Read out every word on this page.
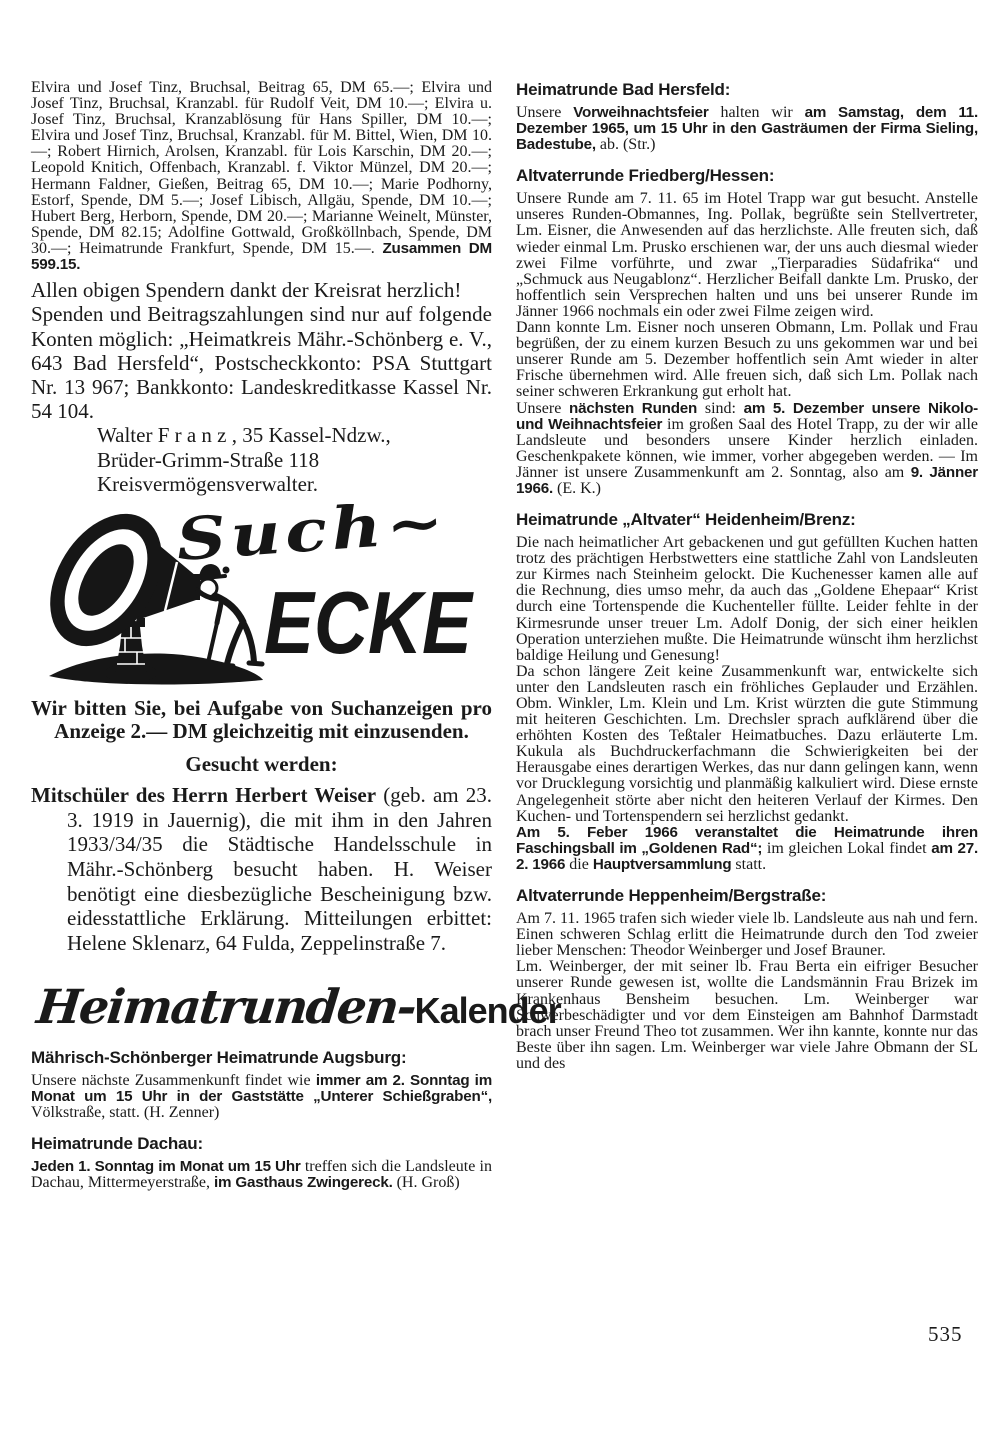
Elvira und Josef Tinz, Bruchsal, Beitrag 65, DM 65.—; Elvira und Josef Tinz, Bruchsal, Kranzabl. für Rudolf Veit, DM 10.—; Elvira u. Josef Tinz, Bruchsal, Kranzablösung für Hans Spiller, DM 10.—; Elvira und Josef Tinz, Bruchsal, Kranzabl. für M. Bittel, Wien, DM 10.—; Robert Hirnich, Arolsen, Kranzabl. für Lois Karschin, DM 20.—; Leopold Knitich, Offenbach, Kranzabl. f. Viktor Münzel, DM 20.—; Hermann Faldner, Gießen, Beitrag 65, DM 10.—; Marie Podhorny, Estorf, Spende, DM 5.—; Josef Libisch, Allgäu, Spende, DM 10.—; Hubert Berg, Herborn, Spende, DM 20.—; Marianne Weinelt, Münster, Spende, DM 82.15; Adolfine Gottwald, Großköllnbach, Spende, DM 30.—; Heimatrunde Frankfurt, Spende, DM 15.—. Zusammen DM 599.15.
Allen obigen Spendern dankt der Kreisrat herzlich!
Spenden und Beitragszahlungen sind nur auf folgende Konten möglich: „Heimatkreis Mähr.-Schönberg e. V., 643 Bad Hersfeld“, Postscheckkonto: PSA Stuttgart Nr. 13 967; Bankkonto: Landeskreditkasse Kassel Nr. 54 104.
Walter F r a n z , 35 Kassel-Ndzw.,
Brüder-Grimm-Straße 118
Kreisvermögensverwalter.
Such~
ECKE
Wir bitten Sie, bei Aufgabe von Suchanzeigen pro Anzeige 2.— DM gleichzeitig mit einzusenden.
Gesucht werden:
Mitschüler des Herrn Herbert Weiser (geb. am 23. 3. 1919 in Jauernig), die mit ihm in den Jahren 1933/34/35 die Städtische Handelsschule in Mähr.-Schönberg besucht haben. H. Weiser benötigt eine diesbezügliche Bescheinigung bzw. eidesstattliche Erklärung. Mitteilungen erbittet: Helene Sklenarz, 64 Fulda, Zeppelinstraße 7.
Heimatrunden-Kalender
Mährisch-Schönberger Heimatrunde Augsburg:
Unsere nächste Zusammenkunft findet wie immer am 2. Sonntag im Monat um 15 Uhr in der Gaststätte „Unterer Schießgraben“, Völkstraße, statt. (H. Zenner)
Heimatrunde Dachau:
Jeden 1. Sonntag im Monat um 15 Uhr treffen sich die Landsleute in Dachau, Mittermeyerstraße, im Gasthaus Zwingereck. (H. Groß)
Heimatrunde Bad Hersfeld:
Unsere Vorweihnachtsfeier halten wir am Samstag, dem 11. Dezember 1965, um 15 Uhr in den Gasträumen der Firma Sieling, Badestube, ab. (Str.)
Altvaterrunde Friedberg/Hessen:
Unsere Runde am 7. 11. 65 im Hotel Trapp war gut besucht. Anstelle unseres Runden-Obmannes, Ing. Pollak, begrüßte sein Stellvertreter, Lm. Eisner, die Anwesenden auf das herzlichste. Alle freuten sich, daß wieder einmal Lm. Prusko erschienen war, der uns auch diesmal wieder zwei Filme vorführte, und zwar „Tierparadies Südafrika“ und „Schmuck aus Neugablonz“. Herzlicher Beifall dankte Lm. Prusko, der hoffentlich sein Versprechen halten und uns bei unserer Runde im Jänner 1966 nochmals ein oder zwei Filme zeigen wird.
Dann konnte Lm. Eisner noch unseren Obmann, Lm. Pollak und Frau begrüßen, der zu einem kurzen Besuch zu uns gekommen war und bei unserer Runde am 5. Dezember hoffentlich sein Amt wieder in alter Frische übernehmen wird. Alle freuen sich, daß sich Lm. Pollak nach seiner schweren Erkrankung gut erholt hat.
Unsere nächsten Runden sind: am 5. Dezember unsere Nikolo- und Weihnachtsfeier im großen Saal des Hotel Trapp, zu der wir alle Landsleute und besonders unsere Kinder herzlich einladen. Geschenkpakete können, wie immer, vorher abgegeben werden. — Im Jänner ist unsere Zusammenkunft am 2. Sonntag, also am 9. Jänner 1966. (E. K.)
Heimatrunde „Altvater“ Heidenheim/Brenz:
Die nach heimatlicher Art gebackenen und gut gefüllten Kuchen hatten trotz des prächtigen Herbstwetters eine stattliche Zahl von Landsleuten zur Kirmes nach Steinheim gelockt. Die Kuchenesser kamen alle auf die Rechnung, dies umso mehr, da auch das „Goldene Ehepaar“ Krist durch eine Tortenspende die Kuchenteller füllte. Leider fehlte in der Kirmesrunde unser treuer Lm. Adolf Donig, der sich einer heiklen Operation unterziehen mußte. Die Heimatrunde wünscht ihm herzlichst baldige Heilung und Genesung!
Da schon längere Zeit keine Zusammenkunft war, entwickelte sich unter den Landsleuten rasch ein fröhliches Geplauder und Erzählen. Obm. Winkler, Lm. Klein und Lm. Krist würzten die gute Stimmung mit heiteren Geschichten. Lm. Drechsler sprach aufklärend über die erhöhten Kosten des Teßtaler Heimatbuches. Dazu erläuterte Lm. Kukula als Buchdruckerfachmann die Schwierigkeiten bei der Herausgabe eines derartigen Werkes, das nur dann gelingen kann, wenn vor Drucklegung vorsichtig und planmäßig kalkuliert wird. Diese ernste Angelegenheit störte aber nicht den heiteren Verlauf der Kirmes. Den Kuchen- und Tortenspendern sei herzlichst gedankt.
Am 5. Feber 1966 veranstaltet die Heimatrunde ihren Faschingsball im „Goldenen Rad“; im gleichen Lokal findet am 27. 2. 1966 die Hauptversammlung statt.
Altvaterrunde Heppenheim/Bergstraße:
Am 7. 11. 1965 trafen sich wieder viele lb. Landsleute aus nah und fern. Einen schweren Schlag erlitt die Heimatrunde durch den Tod zweier lieber Menschen: Theodor Weinberger und Josef Brauner.
Lm. Weinberger, der mit seiner lb. Frau Berta ein eifriger Besucher unserer Runde gewesen ist, wollte die Landsmännin Frau Brizek im Krankenhaus Bensheim besuchen. Lm. Weinberger war Schwerbeschädigter und vor dem Einsteigen am Bahnhof Darmstadt brach unser Freund Theo tot zusammen. Wer ihn kannte, konnte nur das Beste über ihn sagen. Lm. Weinberger war viele Jahre Obmann der SL und des
535
